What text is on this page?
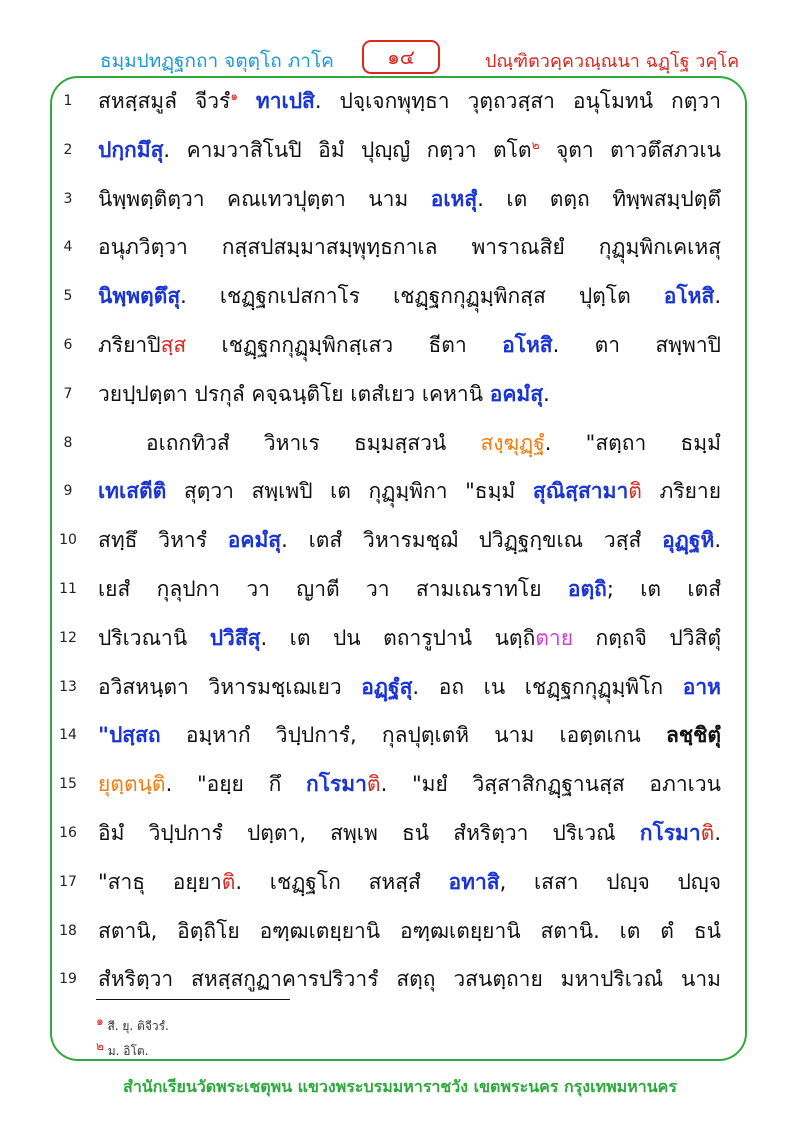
ธมฺมปทฏฺฐกถา จตุตฺโถ ภาโค	๑๔	ปณฺฑิตวคฺควณฺณนา ฉฏฺโฐ วคฺโค
1	สหสฺสมูลํ จีวรํ$^๑$ ทาเปสิ. ปจฺเจกพุทฺธา วุตฺถวสฺสา อนุโมทนํ กตฺวา
2	ปกฺกมึสุ. คามวาสิโนปิ อิมํ ปุญฺญํ กตฺวา ตโต$^๒$ จุตา ตาวตึสภวเน
3	นิพฺพตฺติตฺวา คณเทวปุตฺตา นาม อเหสุํ. เต ตตฺถ ทิพฺพสมฺปตฺตึ
4	อนุภวิตฺวา กสฺสปสมฺมาสมฺพุทฺธกาเล พาราณสิยํ กุฏุมฺพิกเคเหสุ
5	นิพฺพตฺตึสุ. เชฏฺฐกเปสกาโร เชฏฺฐกกุฏุมฺพิกสฺส ปุตฺโต อโหสิ.
6	ภริยาปิสฺส เชฏฺฐกกุฏุมฺพิกสฺเสว ธีตา อโหสิ. ตา สพฺพาปิ
7	วยปฺปตฺตา ปรกุลํ คจฺฉนฺติโย เตสํเยว เคหานิ อคมํสุ.
8	อเถกทิวสํ วิหาเร ธมฺมสฺสวนํ สงฺฆุฏฺฐํ. "สตฺถา ธมฺมํ
9	เทเสตีติ สุตฺวา สพฺเพปิ เต กุฏุมฺพิกา "ธมฺมํ สุณิสฺสามาติ ภริยาย
10 สทฺธึ วิหารํ อคมํสุ. เตสํ วิหารมชฺฌํ ปวิฏฺฐกฺขเณ วสฺสํ อุฏฺฐหิ.
11 เยสํ กุลุปกา วา ญาตี วา สามเณราทโย อตฺถิ; เต เตสํ
12 ปริเวณานิ ปวิสึสุ. เต ปน ตถารูปานํ นตฺถิตาย กตฺถจิ ปวิสิตุํ
13 อวิสหนฺตา วิหารมชฺเฌเยว อฏฺฐํสุ. อถ เน เชฏฺฐกกุฏุมฺพิโก อาห
14 "ปสฺสถ อมฺหากํ วิปฺปการํ, กุลปุตฺเตหิ นาม เอตฺตเกน ลชฺชิตุํ
15 ยุตฺตนฺติ. "อยฺย กึ กโรมาติ. "มยํ วิสฺสาสิกฏฺฐานสฺส อภาเวน
16 อิมํ วิปฺปการํ ปตฺตา, สพฺเพ ธนํ สํหริตฺวา ปริเวณํ กโรมาติ.
17 "สาธุ อยฺยาติ. เชฏฺฐโก สหสฺสํ อทาสิ, เสสา ปญฺจ ปญฺจ
18 สตานิ, อิตฺถิโย อฑฺฒเตยฺยานิ อฑฺฒเตยฺยานิ สตานิ. เต ตํ ธนํ
19 สํหริตฺวา สหสฺสกูฏาคารปริวารํ สตฺถุ วสนตฺถาย มหาปริเวณํ นาม
$^๑$ สี. ยุ. ติจีวรํ.
$^๒$ ม. อิโต.
สำนักเรียนวัดพระเชตุพน แขวงพระบรมมหาราชวัง เขตพระนคร กรุงเทพมหานคร
